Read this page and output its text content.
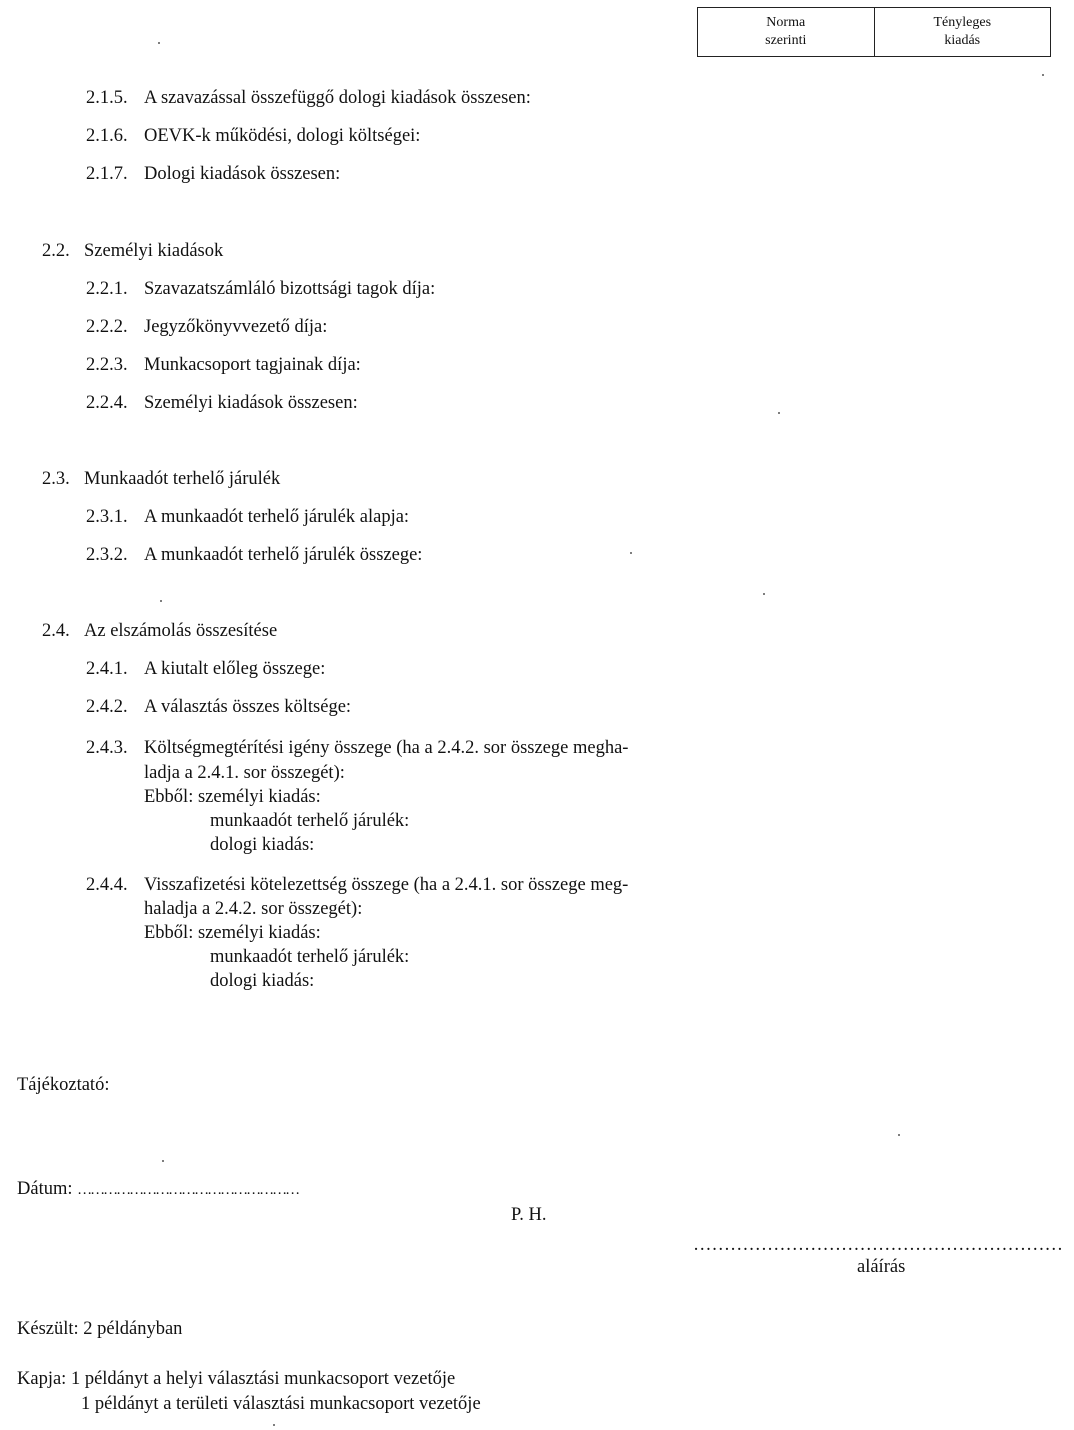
Norma
szerinti
Tényleges
kiadás
2.1.5. A szavazással összefüggő dologi kiadások összesen:
2.1.6. OEVK-k működési, dologi költségei:
2.1.7. Dologi kiadások összesen:
2.2. Személyi kiadások
2.2.1. Szavazatszámláló bizottsági tagok díja:
2.2.2. Jegyzőkönyvvezető díja:
2.2.3. Munkacsoport tagjainak díja:
2.2.4. Személyi kiadások összesen:
2.3. Munkaadót terhelő járulék
2.3.1. A munkaadót terhelő járulék alapja:
2.3.2. A munkaadót terhelő járulék összege:
2.4. Az elszámolás összesítése
2.4.1. A kiutalt előleg összege:
2.4.2. A választás összes költsége:
2.4.3. Költségmegtérítési igény összege (ha a 2.4.2. sor összege megha-
ladja a 2.4.1. sor összegét):
Ebből: személyi kiadás:
munkaadót terhelő járulék:
dologi kiadás:
2.4.4. Visszafizetési kötelezettség összege (ha a 2.4.1. sor összege meg-
haladja a 2.4.2. sor összegét):
Ebből: személyi kiadás:
munkaadót terhelő járulék:
dologi kiadás:
Tájékoztató:
Dátum: ……………………………………………
P. H.
……………………………………………………
aláírás
Készült: 2 példányban
Kapja: 1 példányt a helyi választási munkacsoport vezetője
1 példányt a területi választási munkacsoport vezetője
